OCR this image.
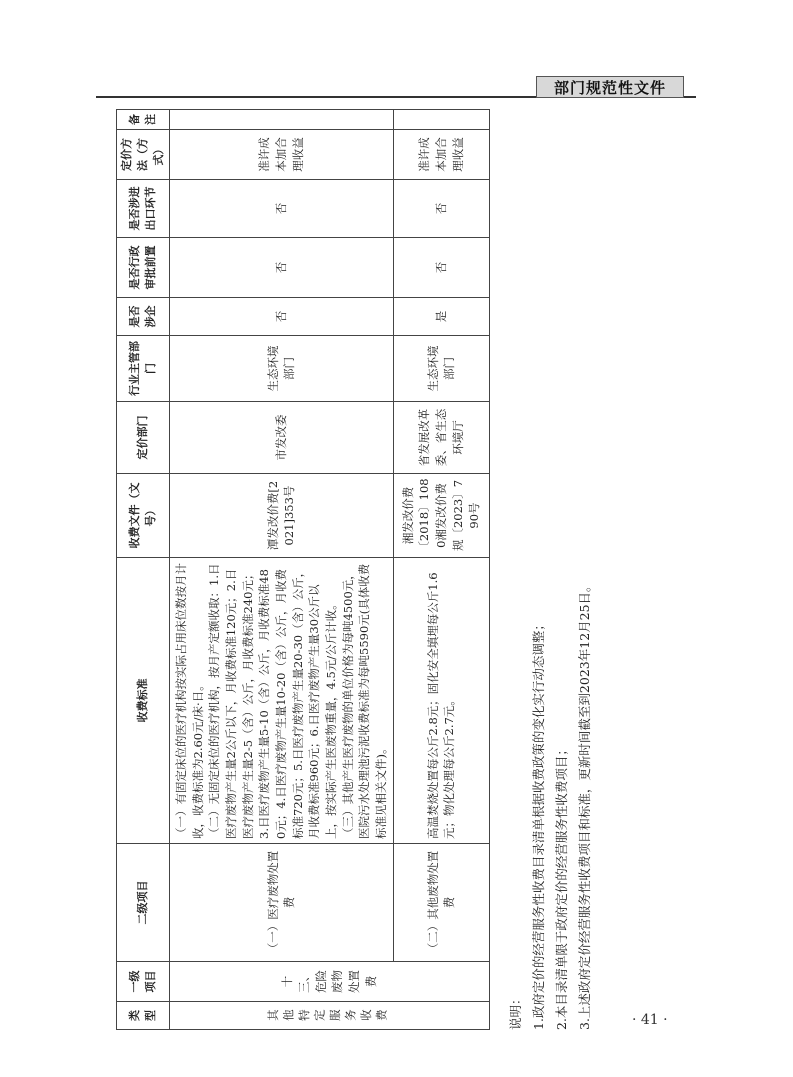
部门规范性文件
类型	一级项目	二级项目	收费标准	收费文件（文号）	定价部门	行业主管部门	是否涉企	是否行政审批前置	是否涉进出口环节	定价方法（方式）	备注
其他特定服务收费	十三、危险废物处置费	（一）医疗废物处置费	（一）有固定床位的医疗机构按实际占用床位数按月计收，收费标准为2.60元/床·日。 （二）无固定床位的医疗机构，按月产定额收取：1.日医疗废物产生量2公斤以下，月收费标准120元；2.日医疗废物产生量2-5（含）公斤，月收费标准240元；3.日医疗废物产生量5-10（含）公斤，月收费标准480元；4.日医疗废物产生量10-20（含）公斤，月收费标准720元；5.日医疗废物产生量20-30（含）公斤，月收费标准960元；6.日医疗废物产生量30公斤以上，按实际产生医废物重量，4.5元/公斤计收。 （三）其他产生医疗废物的单位价格为每吨4500元，医院污水处理池污泥收费标准为每吨5590元(具体收费标准见相关文件)。	潭发改价费[2021]353号	市发改委	生态环境部门	否	否	否	准许成本加合理收益	
		（二）其他废物处置费	高温焚烧处置每公斤2.8元；固化安全填埋每公斤1.6元；物化处理每公斤2.7元。	湘发改价费〔2018〕1080湘发改价费规〔2023〕790号	省发展改革委、省生态环境厅	生态环境部门	是	否	否	准许成本加合理收益	
说明： 1.政府定价的经营服务性收费目录清单根据收费政策的变化实行动态调整； 2.本目录清单限于政府定价的经营服务性收费项目； 3.上述政府定价经营服务性收费项目和标准，更新时间截至到2023年12月25日。	· 41 ·
